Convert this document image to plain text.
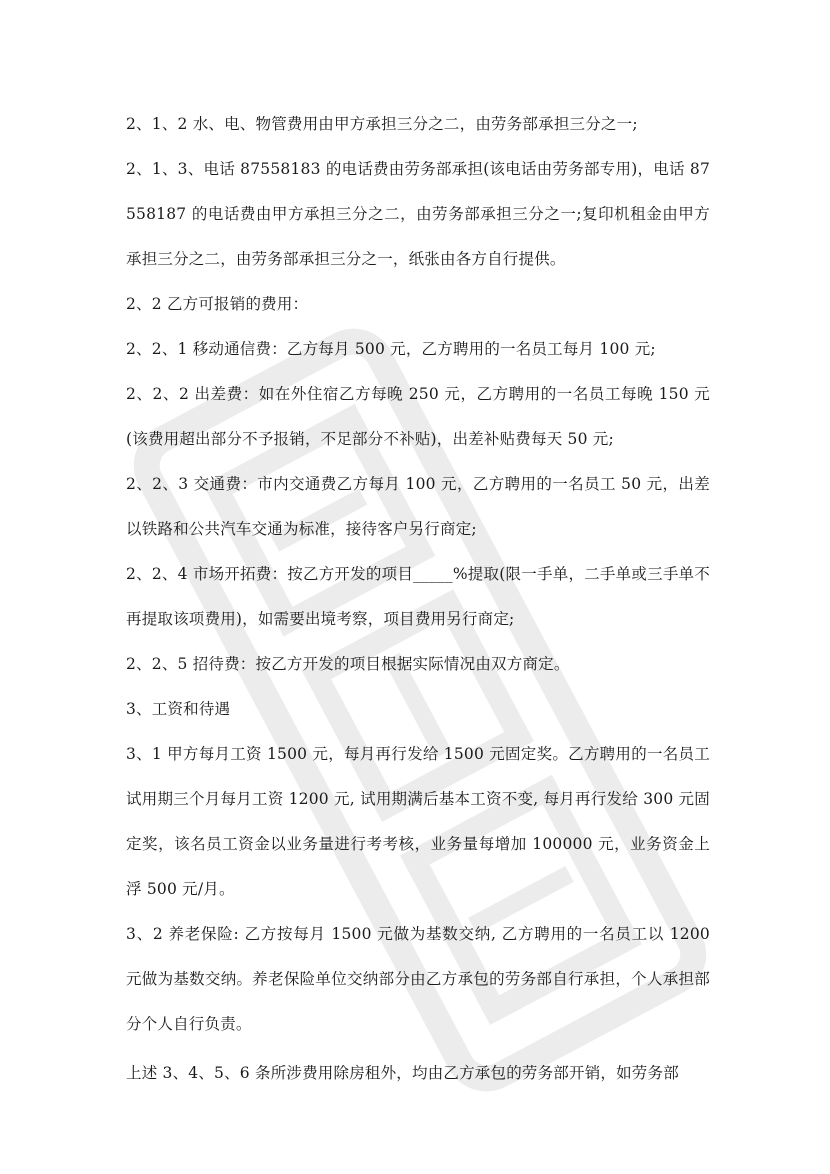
2、1、2 水、电、物管费用由甲方承担三分之二，由劳务部承担三分之一;

2、1、3、电话 87558183 的电话费由劳务部承担(该电话由劳务部专用)，电话 87558187 的电话费由甲方承担三分之二，由劳务部承担三分之一;复印机租金由甲方承担三分之二，由劳务部承担三分之一，纸张由各方自行提供。

2、2 乙方可报销的费用：

2、2、1 移动通信费：乙方每月 500 元，乙方聘用的一名员工每月 100 元;

2、2、2 出差费：如在外住宿乙方每晚 250 元，乙方聘用的一名员工每晚 150 元(该费用超出部分不予报销，不足部分不补贴)，出差补贴费每天 50 元;

2、2、3 交通费：市内交通费乙方每月 100 元，乙方聘用的一名员工 50 元，出差以铁路和公共汽车交通为标准，接待客户另行商定;

2、2、4 市场开拓费：按乙方开发的项目_____%提取(限一手单，二手单或三手单不再提取该项费用)，如需要出境考察，项目费用另行商定;

2、2、5 招待费：按乙方开发的项目根据实际情况由双方商定。

3、工资和待遇

3、1 甲方每月工资 1500 元，每月再行发给 1500 元固定奖。乙方聘用的一名员工试用期三个月每月工资 1200 元, 试用期满后基本工资不变, 每月再行发给 300 元固定奖，该名员工资金以业务量进行考考核，业务量每增加 100000 元，业务资金上浮 500 元/月。

3、2 养老保险: 乙方按每月 1500 元做为基数交纳, 乙方聘用的一名员工以 1200 元做为基数交纳。养老保险单位交纳部分由乙方承包的劳务部自行承担，个人承担部分个人自行负责。

上述 3、4、5、6 条所涉费用除房租外，均由乙方承包的劳务部开销，如劳务部
